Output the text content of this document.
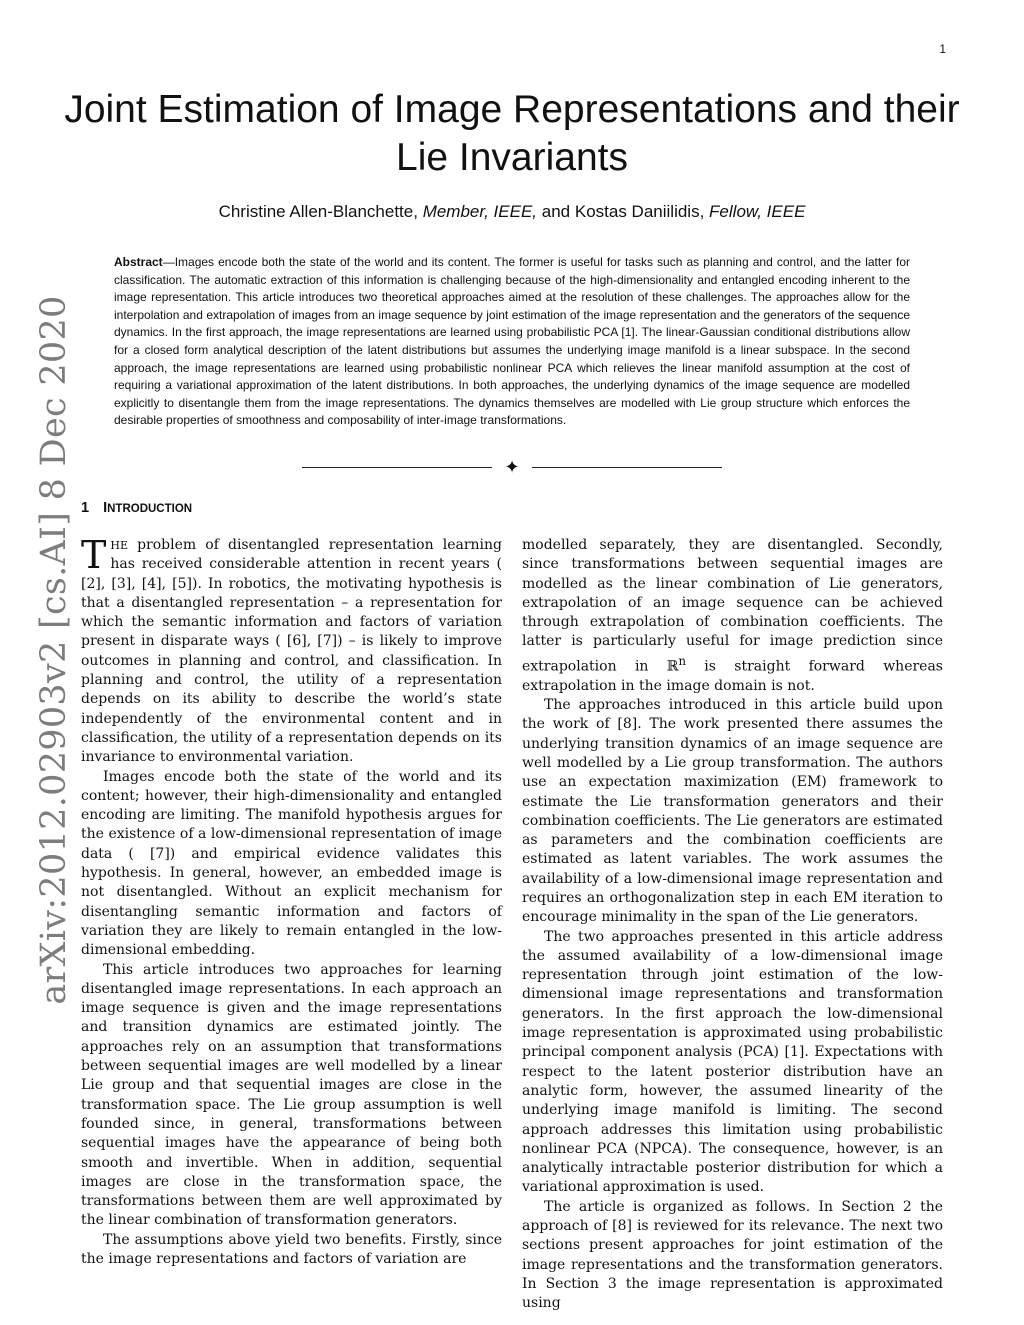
1
Joint Estimation of Image Representations and their Lie Invariants
Christine Allen-Blanchette, Member, IEEE, and Kostas Daniilidis, Fellow, IEEE

Abstract—Images encode both the state of the world and its content. The former is useful for tasks such as planning and control, and the latter for classification. The automatic extraction of this information is challenging because of the high-dimensionality and entangled encoding inherent to the image representation. This article introduces two theoretical approaches aimed at the resolution of these challenges. The approaches allow for the interpolation and extrapolation of images from an image sequence by joint estimation of the image representation and the generators of the sequence dynamics. In the first approach, the image representations are learned using probabilistic PCA [1]. The linear-Gaussian conditional distributions allow for a closed form analytical description of the latent distributions but assumes the underlying image manifold is a linear subspace. In the second approach, the image representations are learned using probabilistic nonlinear PCA which relieves the linear manifold assumption at the cost of requiring a variational approximation of the latent distributions. In both approaches, the underlying dynamics of the image sequence are modelled explicitly to disentangle them from the image representations. The dynamics themselves are modelled with Lie group structure which enforces the desirable properties of smoothness and composability of inter-image transformations.

✦
arXiv:2012.02903v2 [cs.AI] 8 Dec 2020 1 INTRODUCTION

THE problem of disentangled representation learning has received considerable attention in recent years ( [2], [3], [4], [5]). In robotics, the motivating hypothesis is that a disentangled representation – a representation for which the semantic information and factors of variation present in disparate ways ( [6], [7]) – is likely to improve outcomes in planning and control, and classification. In planning and control, the utility of a representation depends on its ability to describe the world’s state independently of the environmental content and in classification, the utility of a representation depends on its invariance to environmental variation.

Images encode both the state of the world and its content; however, their high-dimensionality and entangled encoding are limiting. The manifold hypothesis argues for the existence of a low-dimensional representation of image data ( [7]) and empirical evidence validates this hypothesis. In general, however, an embedded image is not disentangled. Without an explicit mechanism for disentangling semantic information and factors of variation they are likely to remain entangled in the low-dimensional embedding.

This article introduces two approaches for learning disentangled image representations. In each approach an image sequence is given and the image representations and transition dynamics are estimated jointly. The approaches rely on an assumption that transformations between sequential images are well modelled by a linear Lie group and that sequential images are close in the transformation space. The Lie group assumption is well founded since, in general, transformations between sequential images have the appearance of being both smooth and invertible. When in addition, sequential images are close in the transformation space, the transformations between them are well approximated by the linear combination of transformation generators.

The assumptions above yield two benefits. Firstly, since the image representations and factors of variation are

modelled separately, they are disentangled. Secondly, since transformations between sequential images are modelled as the linear combination of Lie generators, extrapolation of an image sequence can be achieved through extrapolation of combination coefficients. The latter is particularly useful for image prediction since extrapolation in ℝ$^n$ is straight forward whereas extrapolation in the image domain is not.

The approaches introduced in this article build upon the work of [8]. The work presented there assumes the underlying transition dynamics of an image sequence are well modelled by a Lie group transformation. The authors use an expectation maximization (EM) framework to estimate the Lie transformation generators and their combination coefficients. The Lie generators are estimated as parameters and the combination coefficients are estimated as latent variables. The work assumes the availability of a low-dimensional image representation and requires an orthogonalization step in each EM iteration to encourage minimality in the span of the Lie generators.

The two approaches presented in this article address the assumed availability of a low-dimensional image representation through joint estimation of the low-dimensional image representations and transformation generators. In the first approach the low-dimensional image representation is approximated using probabilistic principal component analysis (PCA) [1]. Expectations with respect to the latent posterior distribution have an analytic form, however, the assumed linearity of the underlying image manifold is limiting. The second approach addresses this limitation using probabilistic nonlinear PCA (NPCA). The consequence, however, is an analytically intractable posterior distribution for which a variational approximation is used.

The article is organized as follows. In Section 2 the approach of [8] is reviewed for its relevance. The next two sections present approaches for joint estimation of the image representations and the transformation generators. In Section 3 the image representation is approximated using
